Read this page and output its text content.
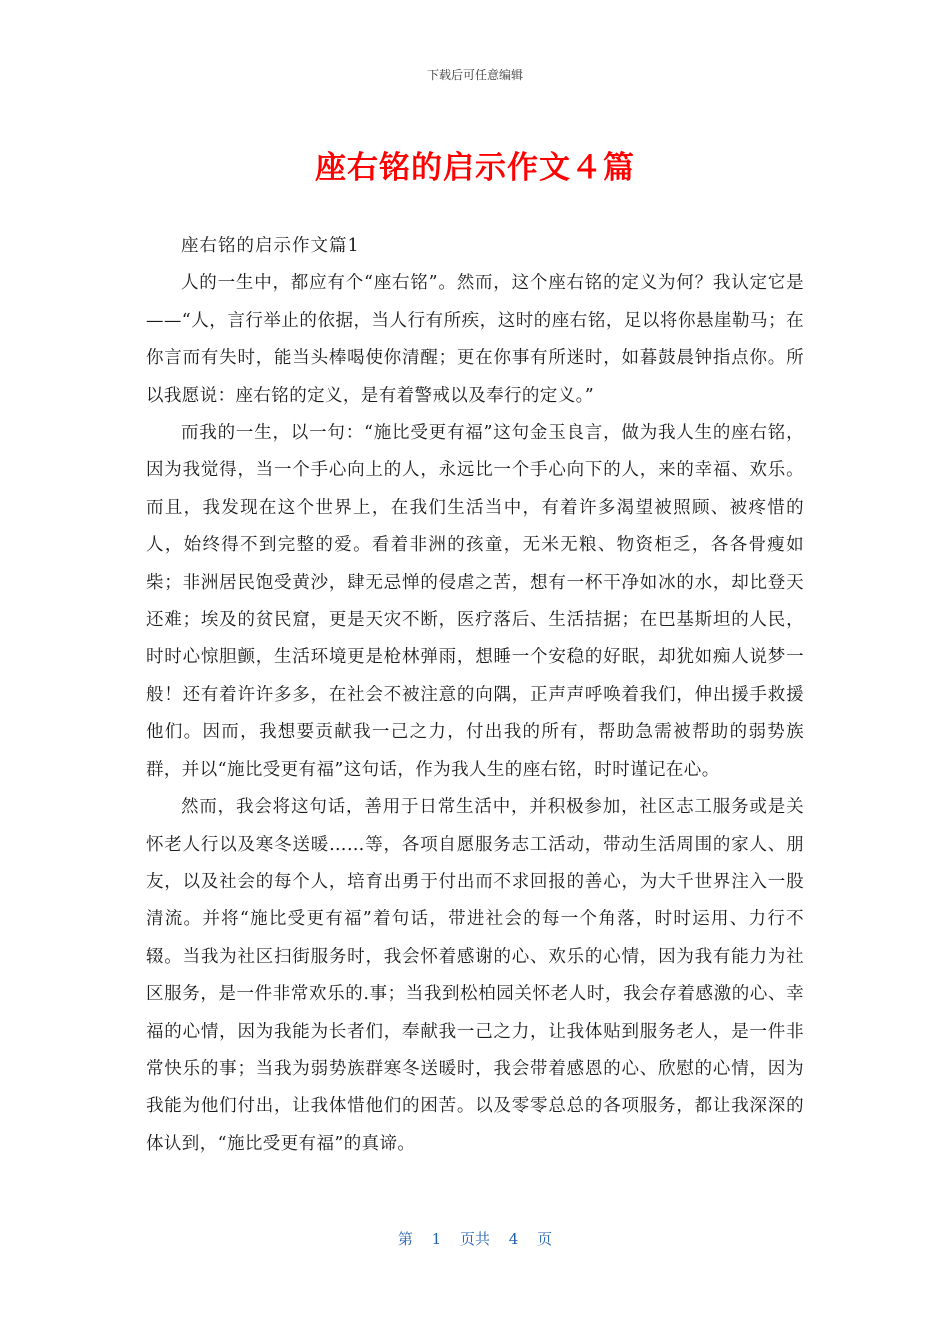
下载后可任意编辑
座右铭的启示作文４篇

座右铭的启示作文篇1

人的一生中，都应有个“座右铭”。然而，这个座右铭的定义为何？我认定它是——“人，言行举止的依据，当人行有所疾，这时的座右铭，足以将你悬崖勒马；在你言而有失时，能当头棒喝使你清醒；更在你事有所迷时，如暮鼓晨钟指点你。所以我愿说：座右铭的定义，是有着警戒以及奉行的定义。”

而我的一生，以一句：“施比受更有福”这句金玉良言，做为我人生的座右铭，因为我觉得，当一个手心向上的人，永远比一个手心向下的人，来的幸福、欢乐。而且，我发现在这个世界上，在我们生活当中，有着许多渴望被照顾、被疼惜的人，始终得不到完整的爱。看着非洲的孩童，无米无粮、物资柜乏，各各骨瘦如柴；非洲居民饱受黄沙，肆无忌惮的侵虐之苦，想有一杯干净如冰的水，却比登天还难；埃及的贫民窟，更是天灾不断，医疗落后、生活拮据；在巴基斯坦的人民，时时心惊胆颤，生活环境更是枪林弹雨，想睡一个安稳的好眠，却犹如痴人说梦一般！还有着许许多多，在社会不被注意的向隅，正声声呼唤着我们，伸出援手救援他们。因而，我想要贡献我一己之力，付出我的所有，帮助急需被帮助的弱势族群，并以“施比受更有福”这句话，作为我人生的座右铭，时时谨记在心。

然而，我会将这句话，善用于日常生活中，并积极参加，社区志工服务或是关怀老人行以及寒冬送暖……等，各项自愿服务志工活动，带动生活周围的家人、朋友，以及社会的每个人，培育出勇于付出而不求回报的善心，为大千世界注入一股清流。并将“施比受更有福”着句话，带进社会的每一个角落，时时运用、力行不辍。当我为社区扫街服务时，我会怀着感谢的心、欢乐的心情，因为我有能力为社区服务，是一件非常欢乐的.事；当我到松柏园关怀老人时，我会存着感激的心、幸福的心情，因为我能为长者们，奉献我一己之力，让我体贴到服务老人，是一件非常快乐的事；当我为弱势族群寒冬送暖时，我会带着感恩的心、欣慰的心情，因为我能为他们付出，让我体惜他们的困苦。以及零零总总的各项服务，都让我深深的体认到，“施比受更有福”的真谛。

第 1 页共 4 页
